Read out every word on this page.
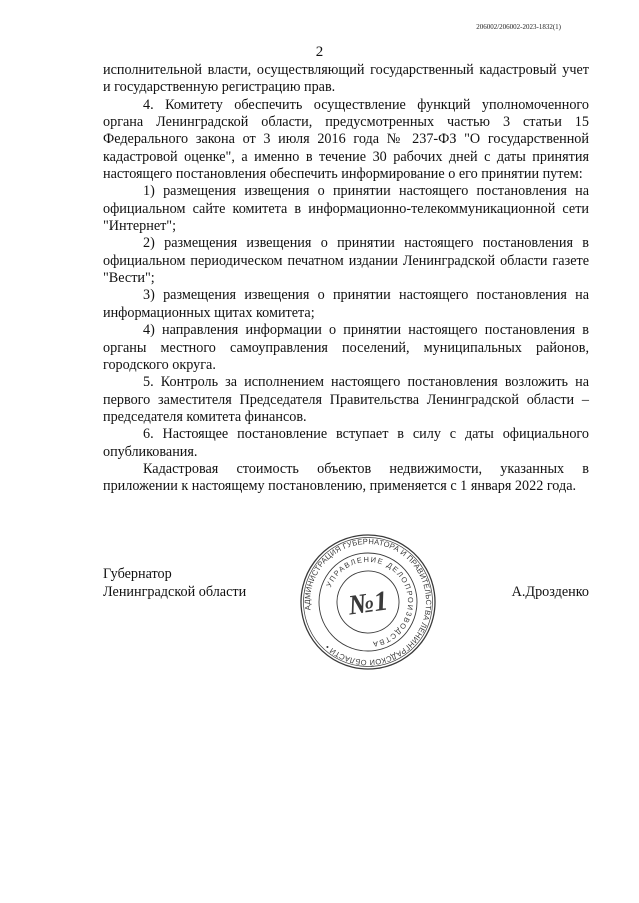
206002/206002-2023-1832(1)
2

исполнительной власти, осуществляющий государственный кадастровый учет и государственную регистрацию прав.

4. Комитету обеспечить осуществление функций уполномоченного органа Ленинградской области, предусмотренных частью 3 статьи 15 Федерального закона от 3 июля 2016 года № 237-ФЗ "О государственной кадастровой оценке", а именно в течение 30 рабочих дней с даты принятия настоящего постановления обеспечить информирование о его принятии путем:

1) размещения извещения о принятии настоящего постановления на официальном сайте комитета в информационно-телекоммуникационной сети "Интернет";

2) размещения извещения о принятии настоящего постановления в официальном периодическом печатном издании Ленинградской области газете "Вести";

3) размещения извещения о принятии настоящего постановления на информационных щитах комитета;

4) направления информации о принятии настоящего постановления в органы местного самоуправления поселений, муниципальных районов, городского округа.

5. Контроль за исполнением настоящего постановления возложить на первого заместителя Председателя Правительства Ленинградской области – председателя комитета финансов.

6. Настоящее постановление вступает в силу с даты официального опубликования.

Кадастровая стоимость объектов недвижимости, указанных в приложении к настоящему постановлению, применяется с 1 января 2022 года.

Губернатор
Ленинградской области	А.Дрозденко
АДМИНИСТРАЦИЯ ГУБЕРНАТОРА И ПРАВИТЕЛЬСТВА ЛЕНИНГРАДСКОЙ ОБЛАСТИ •
УПРАВЛЕНИЕ ДЕЛОПРОИЗВОДСТВА
№1
